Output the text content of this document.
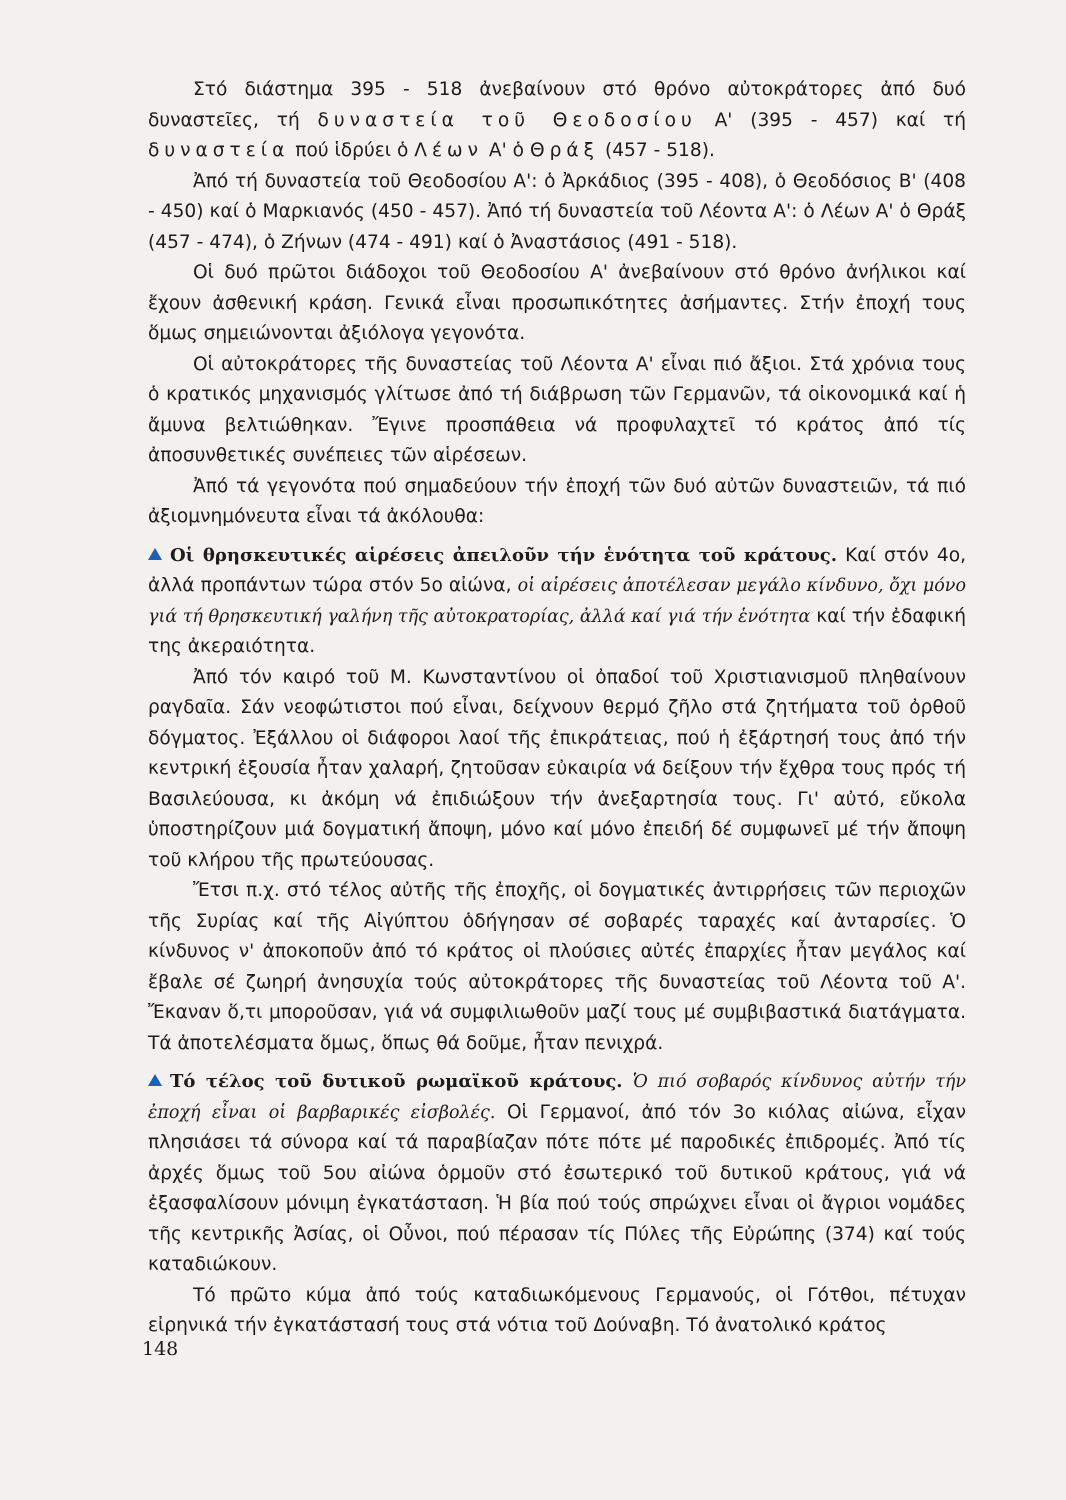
Στό διάστημα 395 - 518 ἀνεβαίνουν στό θρόνο αὐτοκράτορες ἀπό δυό δυναστεῖες, τή δυναστεία τοῦ Θεοδοσίου Α' (395 - 457) καί τή δυναστεία πού ἱδρύει ὁ Λέων Α' ὁ Θράξ (457 - 518).

Ἀπό τή δυναστεία τοῦ Θεοδοσίου Α': ὁ Ἀρκάδιος (395 - 408), ὁ Θεοδόσιος Β' (408 - 450) καί ὁ Μαρκιανός (450 - 457). Ἀπό τή δυναστεία τοῦ Λέοντα Α': ὁ Λέων Α' ὁ Θράξ (457 - 474), ὁ Ζήνων (474 - 491) καί ὁ Ἀναστάσιος (491 - 518).

Οἱ δυό πρῶτοι διάδοχοι τοῦ Θεοδοσίου Α' ἀνεβαίνουν στό θρόνο ἀνήλικοι καί ἔχουν ἀσθενική κράση. Γενικά εἶναι προσωπικότητες ἀσήμαντες. Στήν ἐποχή τους ὅμως σημειώνονται ἀξιόλογα γεγονότα.

Οἱ αὐτοκράτορες τῆς δυναστείας τοῦ Λέοντα Α' εἶναι πιό ἄξιοι. Στά χρόνια τους ὁ κρατικός μηχανισμός γλίτωσε ἀπό τή διάβρωση τῶν Γερμανῶν, τά οἰκονομικά καί ἡ ἄμυνα βελτιώθηκαν. Ἔγινε προσπάθεια νά προφυλαχτεῖ τό κράτος ἀπό τίς ἀποσυνθετικές συνέπειες τῶν αἱρέσεων.

Ἀπό τά γεγονότα πού σημαδεύουν τήν ἐποχή τῶν δυό αὐτῶν δυναστειῶν, τά πιό ἀξιομνημόνευτα εἶναι τά ἀκόλουθα:

Οἱ θρησκευτικές αἱρέσεις ἀπειλοῦν τήν ἑνότητα τοῦ κράτους. Καί στόν 4ο, ἀλλά προπάντων τώρα στόν 5ο αἰώνα, οἱ αἱρέσεις ἀποτέλεσαν μεγάλο κίνδυνο, ὄχι μόνο γιά τή θρησκευτική γαλήνη τῆς αὐτοκρατορίας, ἀλλά καί γιά τήν ἑνότητα καί τήν ἐδαφική της ἀκεραιότητα.

Ἀπό τόν καιρό τοῦ Μ. Κωνσταντίνου οἱ ὀπαδοί τοῦ Χριστιανισμοῦ πληθαίνουν ραγδαῖα. Σάν νεοφώτιστοι πού εἶναι, δείχνουν θερμό ζῆλο στά ζητήματα τοῦ ὀρθοῦ δόγματος. Ἐξάλλου οἱ διάφοροι λαοί τῆς ἐπικράτειας, πού ἡ ἐξάρτησή τους ἀπό τήν κεντρική ἐξουσία ἦταν χαλαρή, ζητοῦσαν εὐκαιρία νά δείξουν τήν ἔχθρα τους πρός τή Βασιλεύουσα, κι ἀκόμη νά ἐπιδιώξουν τήν ἀνεξαρτησία τους. Γι' αὐτό, εὔκολα ὑποστηρίζουν μιά δογματική ἄποψη, μόνο καί μόνο ἐπειδή δέ συμφωνεῖ μέ τήν ἄποψη τοῦ κλήρου τῆς πρωτεύουσας.

Ἔτσι π.χ. στό τέλος αὐτῆς τῆς ἐποχῆς, οἱ δογματικές ἀντιρρήσεις τῶν περιοχῶν τῆς Συρίας καί τῆς Αἰγύπτου ὁδήγησαν σέ σοβαρές ταραχές καί ἀνταρσίες. Ὁ κίνδυνος ν' ἀποκοποῦν ἀπό τό κράτος οἱ πλούσιες αὐτές ἐπαρχίες ἦταν μεγάλος καί ἔβαλε σέ ζωηρή ἀνησυχία τούς αὐτοκράτορες τῆς δυναστείας τοῦ Λέοντα τοῦ Α'. Ἔκαναν ὅ,τι μποροῦσαν, γιά νά συμφιλιωθοῦν μαζί τους μέ συμβιβαστικά διατάγματα. Τά ἀποτελέσματα ὅμως, ὅπως θά δοῦμε, ἦταν πενιχρά.

Τό τέλος τοῦ δυτικοῦ ρωμαϊκοῦ κράτους. Ὁ πιό σοβαρός κίνδυνος αὐτήν τήν ἐποχή εἶναι οἱ βαρβαρικές εἰσβολές. Οἱ Γερμανοί, ἀπό τόν 3ο κιόλας αἰώνα, εἶχαν πλησιάσει τά σύνορα καί τά παραβίαζαν πότε πότε μέ παροδικές ἐπιδρομές. Ἀπό τίς ἀρχές ὅμως τοῦ 5ου αἰώνα ὁρμοῦν στό ἐσωτερικό τοῦ δυτικοῦ κράτους, γιά νά ἐξασφαλίσουν μόνιμη ἐγκατάσταση. Ἡ βία πού τούς σπρώχνει εἶναι οἱ ἄγριοι νομάδες τῆς κεντρικῆς Ἀσίας, οἱ Οὖνοι, πού πέρασαν τίς Πύλες τῆς Εὐρώπης (374) καί τούς καταδιώκουν.

Τό πρῶτο κύμα ἀπό τούς καταδιωκόμενους Γερμανούς, οἱ Γότθοι, πέτυχαν εἰρηνικά τήν ἐγκατάστασή τους στά νότια τοῦ Δούναβη. Τό ἀνατολικό κράτος

148
